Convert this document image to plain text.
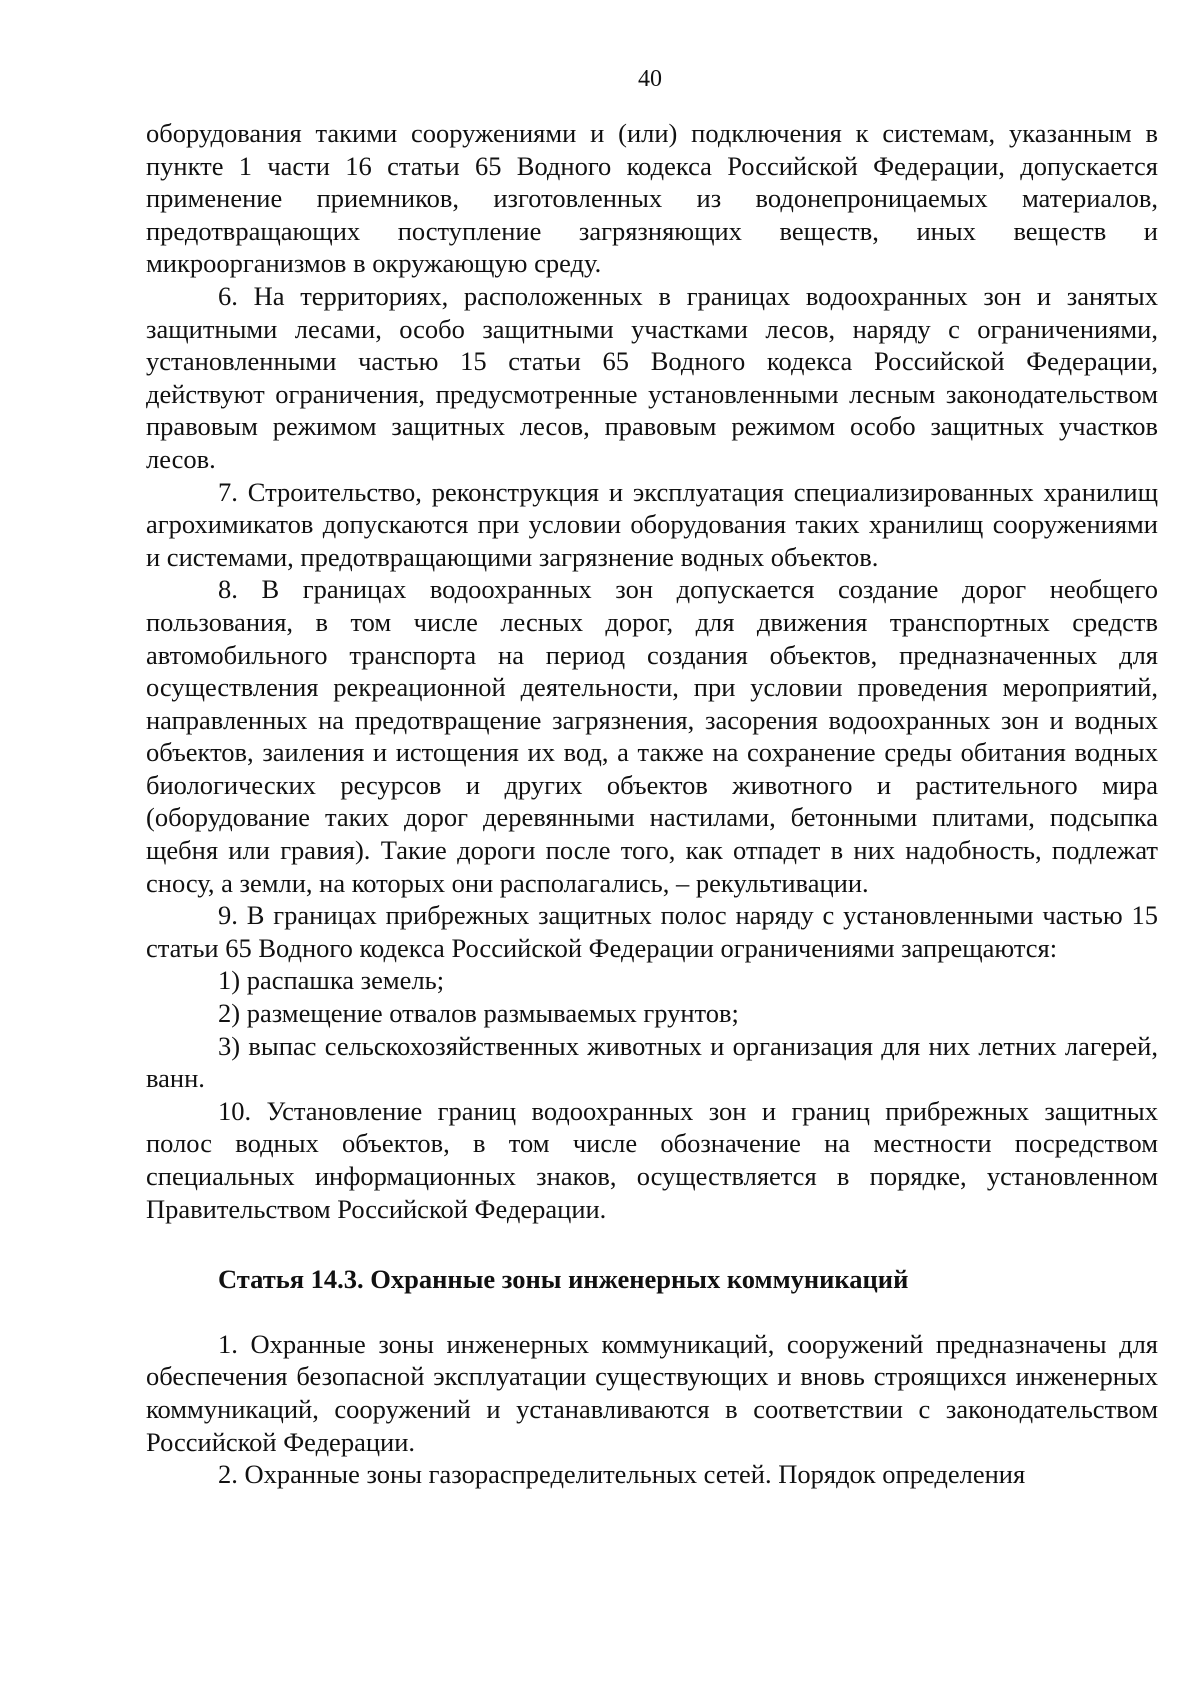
40

оборудования такими сооружениями и (или) подключения к системам, указанным в пункте 1 части 16 статьи 65 Водного кодекса Российской Федерации, допускается применение приемников, изготовленных из водонепроницаемых материалов, предотвращающих поступление загрязняющих веществ, иных веществ и микроорганизмов в окружающую среду.

6. На территориях, расположенных в границах водоохранных зон и занятых защитными лесами, особо защитными участками лесов, наряду с ограничениями, установленными частью 15 статьи 65 Водного кодекса Российской Федерации, действуют ограничения, предусмотренные установленными лесным законодательством правовым режимом защитных лесов, правовым режимом особо защитных участков лесов.

7. Строительство, реконструкция и эксплуатация специализированных хранилищ агрохимикатов допускаются при условии оборудования таких хранилищ сооружениями и системами, предотвращающими загрязнение водных объектов.

8. В границах водоохранных зон допускается создание дорог необщего пользования, в том числе лесных дорог, для движения транспортных средств автомобильного транспорта на период создания объектов, предназначенных для осуществления рекреационной деятельности, при условии проведения мероприятий, направленных на предотвращение загрязнения, засорения водоохранных зон и водных объектов, заиления и истощения их вод, а также на сохранение среды обитания водных биологических ресурсов и других объектов животного и растительного мира (оборудование таких дорог деревянными настилами, бетонными плитами, подсыпка щебня или гравия). Такие дороги после того, как отпадет в них надобность, подлежат сносу, а земли, на которых они располагались, – рекультивации.

9. В границах прибрежных защитных полос наряду с установленными частью 15 статьи 65 Водного кодекса Российской Федерации ограничениями запрещаются:

1) распашка земель;

2) размещение отвалов размываемых грунтов;

3) выпас сельскохозяйственных животных и организация для них летних лагерей, ванн.

10. Установление границ водоохранных зон и границ прибрежных защитных полос водных объектов, в том числе обозначение на местности посредством специальных информационных знаков, осуществляется в порядке, установленном Правительством Российской Федерации.

Статья 14.3. Охранные зоны инженерных коммуникаций

1. Охранные зоны инженерных коммуникаций, сооружений предназначены для обеспечения безопасной эксплуатации существующих и вновь строящихся инженерных коммуникаций, сооружений и устанавливаются в соответствии с законодательством Российской Федерации.

2. Охранные зоны газораспределительных сетей. Порядок определения
